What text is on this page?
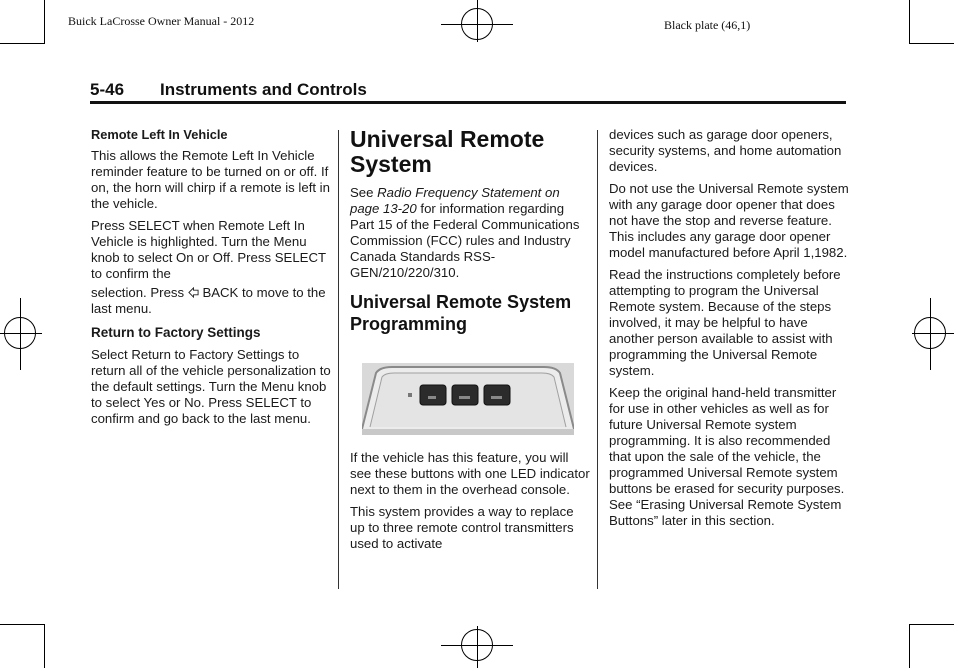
Buick LaCrosse Owner Manual - 2012	Black plate (46,1)
5-46 Instruments and Controls
Remote Left In Vehicle

This allows the Remote Left In Vehicle reminder feature to be turned on or off. If on, the horn will chirp if a remote is left in the vehicle.

Press SELECT when Remote Left In Vehicle is highlighted. Turn the Menu knob to select On or Off. Press SELECT to confirm the

selection. Press BACK to move to the last menu.

Return to Factory Settings

Select Return to Factory Settings to return all of the vehicle personalization to the default settings. Turn the Menu knob to select Yes or No. Press SELECT to confirm and go back to the last menu.

Universal Remote System

See Radio Frequency Statement on page 13-20 for information regarding Part 15 of the Federal Communications Commission (FCC) rules and Industry Canada Standards RSS-GEN/210/220/310.

Universal Remote System Programming

If the vehicle has this feature, you will see these buttons with one LED indicator next to them in the overhead console.

This system provides a way to replace up to three remote control transmitters used to activate

devices such as garage door openers, security systems, and home automation devices.

Do not use the Universal Remote system with any garage door opener that does not have the stop and reverse feature. This includes any garage door opener model manufactured before April 1,1982.

Read the instructions completely before attempting to program the Universal Remote system. Because of the steps involved, it may be helpful to have another person available to assist with programming the Universal Remote system.

Keep the original hand-held transmitter for use in other vehicles as well as for future Universal Remote system programming. It is also recommended that upon the sale of the vehicle, the programmed Universal Remote system buttons be erased for security purposes. See “Erasing Universal Remote System Buttons” later in this section.
